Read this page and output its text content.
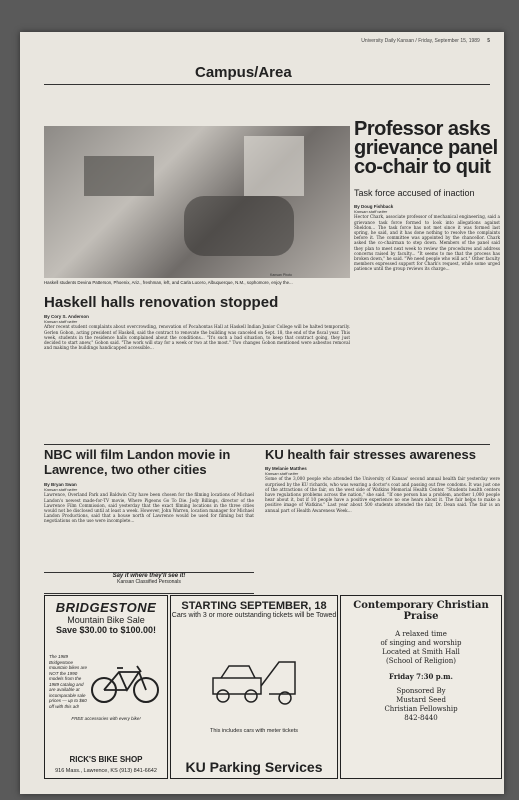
University Daily Kansan / Friday, September 15, 1989 5
Campus/Area
Kansan Photo
Haskell students Devina Patterson, Phoenix, Ariz., freshman, left, and Carla Lucero, Albuquerque, N.M., sophomore, enjoy the...
Professor asks grievance panel co-chair to quit
Task force accused of inaction
By Doug Fishback
Kansan staff writer
Hector Chark, associate professor of mechanical engineering, said a grievance task force formed to look into allegations against Sheldon... The task force has not met since it was formed last spring, he said, and it has done nothing to resolve the complaints before it. The committee was appointed by the chancellor. Chark asked the co-chairman to step down. Members of the panel said they plan to meet next week to review the procedures and address concerns raised by faculty... "It seems to me that the process has broken down," he said. "We need people who will act." Other faculty members expressed support for Chark's request, while some urged patience until the group reviews its charge...
Haskell halls renovation stopped
By Cory S. Anderson
Kansan staff writer
After recent student complaints about overcrowding, renovation of Pocahontas Hall at Haskell Indian Junior College will be halted temporarily. Gerlen Gobon, acting president of Haskell, said the contract to renovate the building was canceled on Sept. 18, the end of the fiscal year. This week, students in the residence halls complained about the conditions... "It's such a bad situation, to keep that contract going, they just decided to start anew," Gobon said. "The work will stay for a week or two at the most." Two changes Gobon mentioned were asbestos removal and making the buildings handicapped accessible...
NBC will film Landon movie in Lawrence, two other cities
By Bryan Swan
Kansan staff writer
Lawrence, Overland Park and Baldwin City have been chosen for the filming locations of Michael Landon's newest made-for-TV movie, Where Pigeons Go To Die. Jody Billings, director of the Lawrence Film Commission, said yesterday that the exact filming locations in the three cities would not be disclosed until at least a week. However, John Warren, location manager for Michael Landon Productions, said that a house north of Lawrence would be used for filming but that negotiations on the use were incomplete...
KU health fair stresses awareness
By Melanie Matthes
Kansan staff writer
Some of the 3,000 people who attended the University of Kansas' second annual health fair yesterday were surprised by the KU richards, who was wearing a doctor's coat and passing out free condoms. It was just one of the attractions of the fair, on the west side of Watkins Memorial Health Center. "Students health centers have regulations problems across the nation," she said. "If one person has a problem, another 1,000 people hear about it, but if 10 people have a positive experience no one hears about it. The fair helps to make a positive image of Watkins." Last year about 500 students attended the fair, Dr. Dean said. The fair is an annual part of Health Awareness Week...
Say it where they'll see it!
Kansan Classified Personals
BRIDGESTONE
Mountain Bike Sale
Save $30.00 to $100.00!
The 1989 Bridgestone mountain bikes are NOT the 1990 models from the 1989 catalog and are available at incomparable sale prices — up to $60 off with this ad!
FREE accessories with every bike!
RICK'S BIKE SHOP
916 Mass., Lawrence, KS (913) 841-6642
STARTING SEPTEMBER, 18
Cars with 3 or more outstanding tickets will be Towed
This includes cars with meter tickets
KU Parking Services
Contemporary Christian Praise
A relaxed time
of singing and worship
Located at Smith Hall
(School of Religion)
Friday 7:30 p.m.
Sponsored By
Mustard Seed
Christian Fellowship
842-8440
